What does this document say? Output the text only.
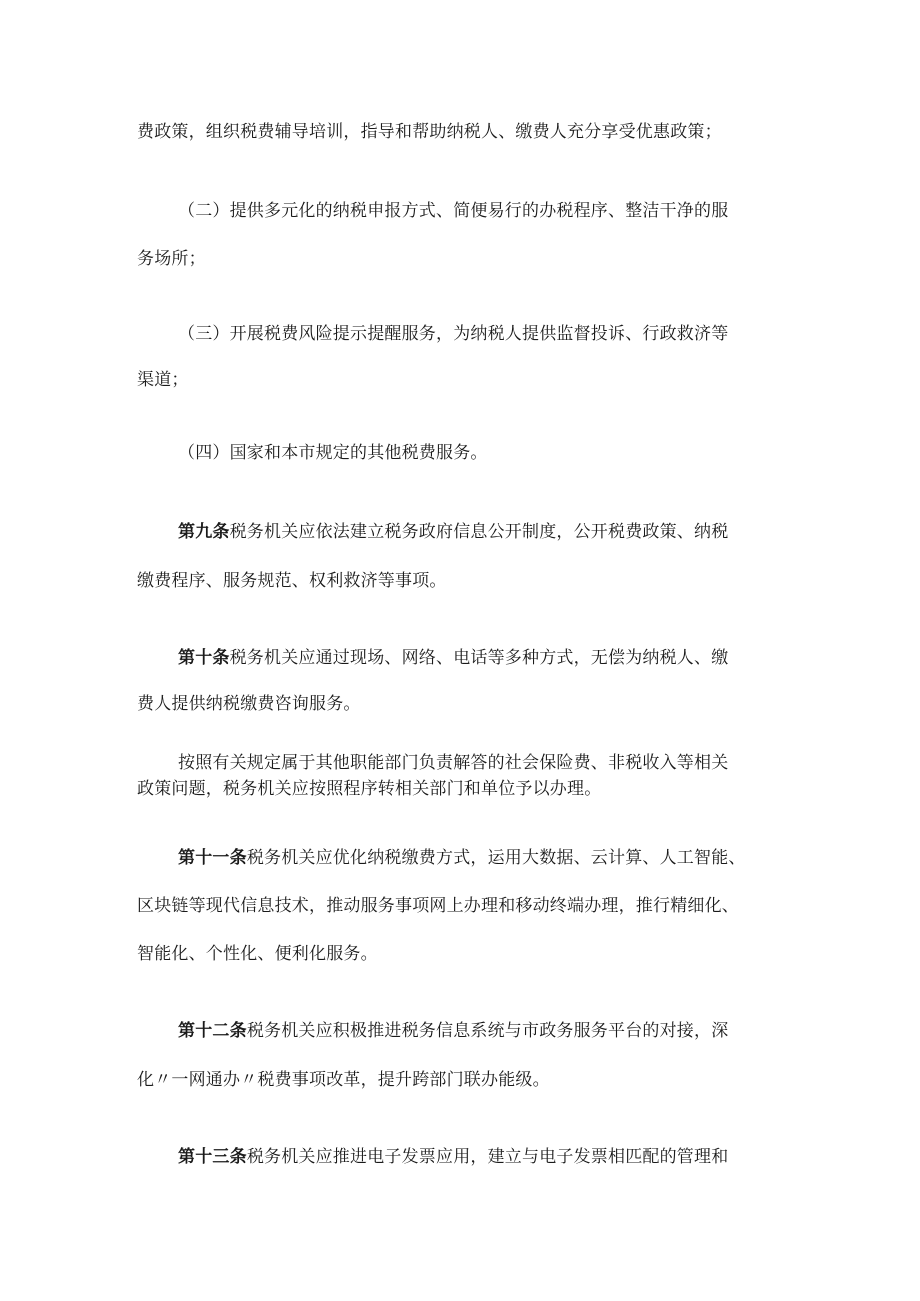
费政策，组织税费辅导培训，指导和帮助纳税人、缴费人充分享受优惠政策；
（二）提供多元化的纳税申报方式、简便易行的办税程序、整洁干净的服
务场所；
（三）开展税费风险提示提醒服务，为纳税人提供监督投诉、行政救济等
渠道；
（四）国家和本市规定的其他税费服务。
第九条税务机关应依法建立税务政府信息公开制度，公开税费政策、纳税
缴费程序、服务规范、权利救济等事项。
第十条税务机关应通过现场、网络、电话等多种方式，无偿为纳税人、缴
费人提供纳税缴费咨询服务。
按照有关规定属于其他职能部门负责解答的社会保险费、非税收入等相关
政策问题，税务机关应按照程序转相关部门和单位予以办理。
第十一条税务机关应优化纳税缴费方式，运用大数据、云计算、人工智能、
区块链等现代信息技术，推动服务事项网上办理和移动终端办理，推行精细化、
智能化、个性化、便利化服务。
第十二条税务机关应积极推进税务信息系统与市政务服务平台的对接，深
化〃一网通办〃税费事项改革，提升跨部门联办能级。
第十三条税务机关应推进电子发票应用，建立与电子发票相匹配的管理和
